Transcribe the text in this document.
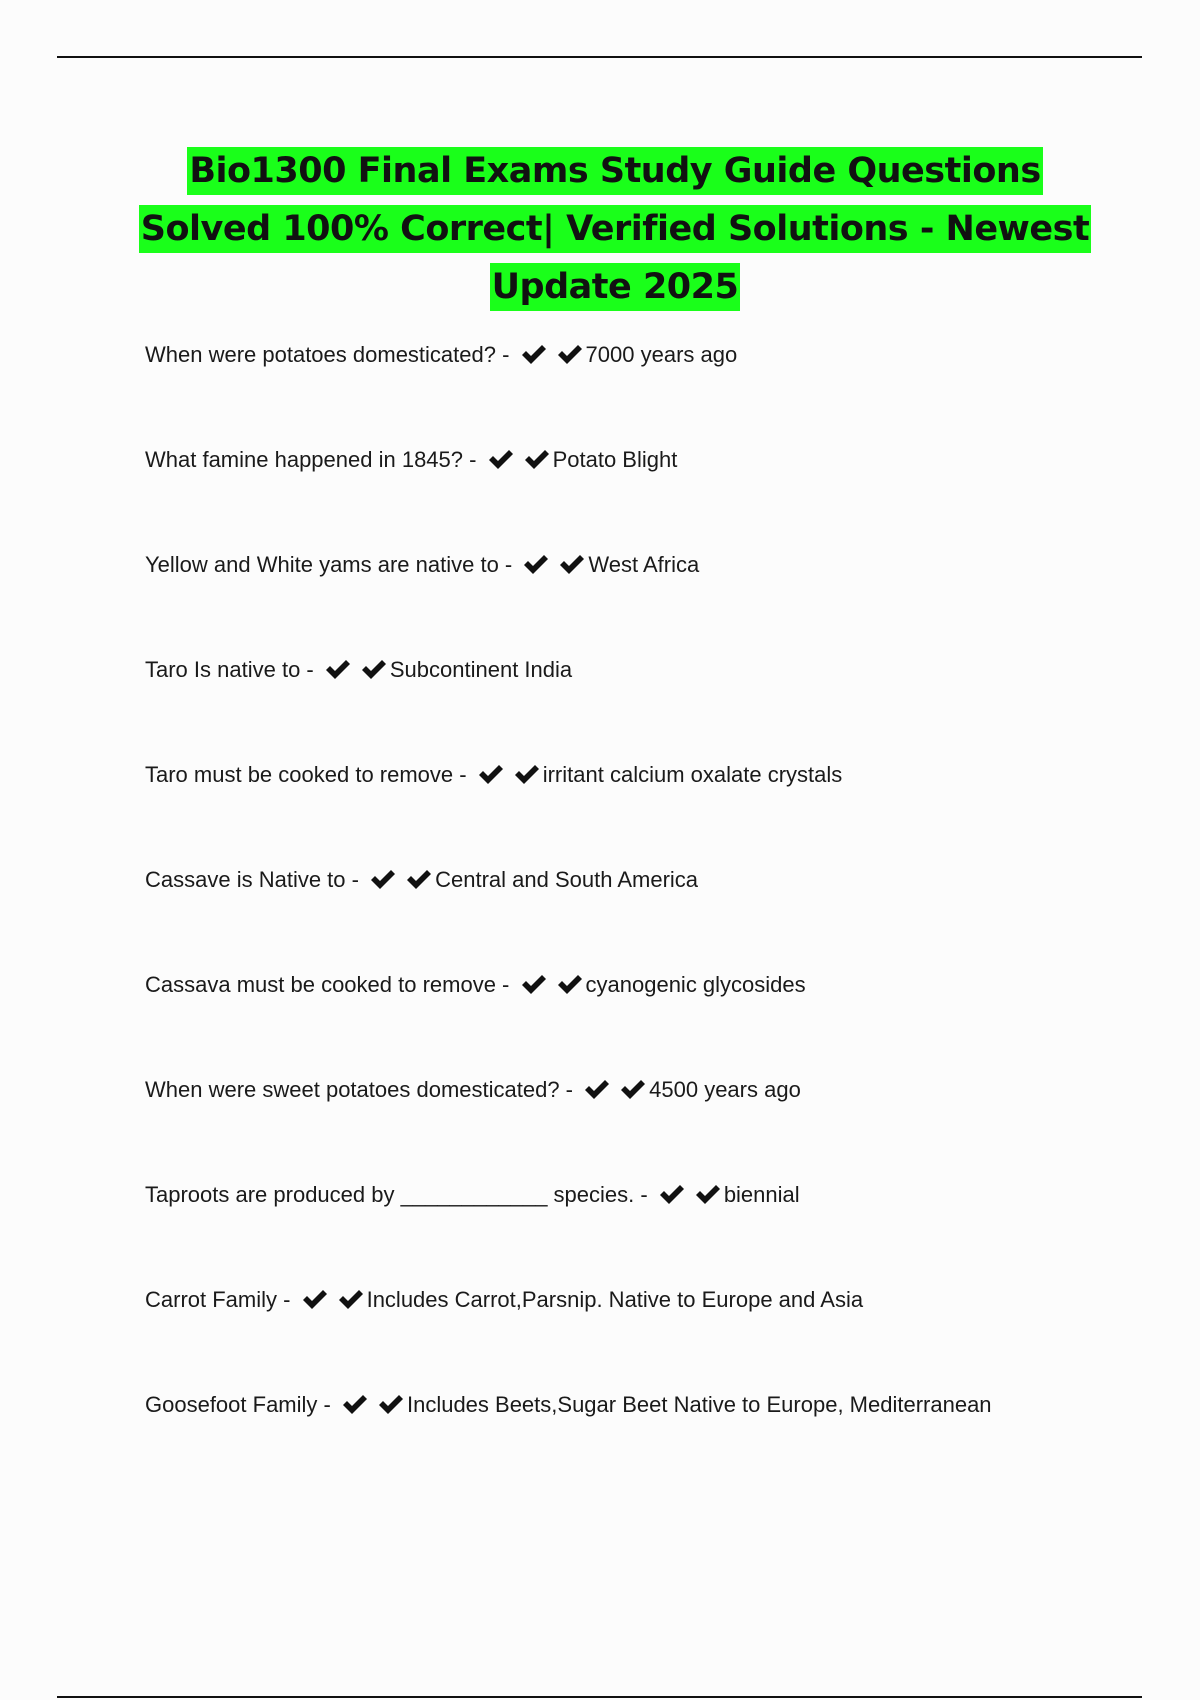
Bio1300 Final Exams Study Guide Questions Solved 100% Correct| Verified Solutions - Newest Update 2025
When were potatoes domesticated? -	7000 years ago
What famine happened in 1845? -	Potato Blight
Yellow and White yams are native to -	West Africa
Taro Is native to -	Subcontinent India
Taro must be cooked to remove -	irritant calcium oxalate crystals
Cassave is Native to -	Central and South America
Cassava must be cooked to remove -	cyanogenic glycosides
When were sweet potatoes domesticated? -	4500 years ago
Taproots are produced by ____________ species. -	biennial
Carrot Family -	Includes Carrot,Parsnip. Native to Europe and Asia
Goosefoot Family -	Includes Beets,Sugar Beet Native to Europe, Mediterranean
